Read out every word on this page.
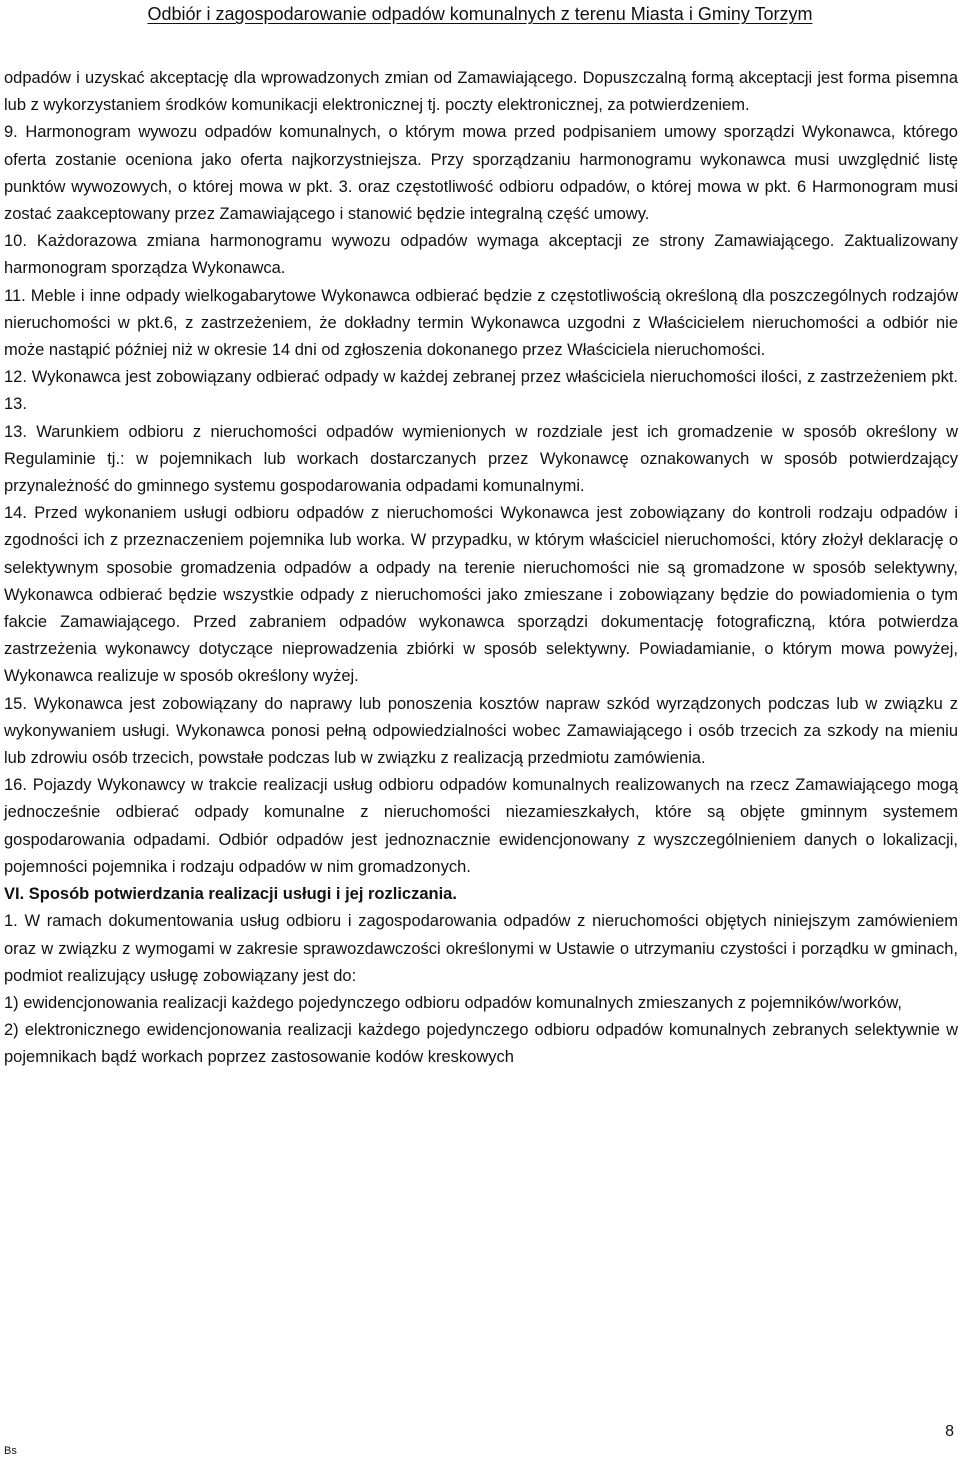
Odbiór i zagospodarowanie odpadów komunalnych z terenu Miasta i Gminy Torzym

odpadów i uzyskać akceptację dla wprowadzonych zmian od Zamawiającego. Dopuszczalną formą akceptacji jest forma pisemna lub z wykorzystaniem środków komunikacji elektronicznej tj. poczty elektronicznej, za potwierdzeniem.

9. Harmonogram wywozu odpadów komunalnych, o którym mowa przed podpisaniem umowy sporządzi Wykonawca, którego oferta zostanie oceniona jako oferta najkorzystniejsza. Przy sporządzaniu harmonogramu wykonawca musi uwzględnić listę punktów wywozowych, o której mowa w pkt. 3. oraz częstotliwość odbioru odpadów, o której mowa w pkt. 6 Harmonogram musi zostać zaakceptowany przez Zamawiającego i stanowić będzie integralną część umowy.

10. Każdorazowa zmiana harmonogramu wywozu odpadów wymaga akceptacji ze strony Zamawiającego. Zaktualizowany harmonogram sporządza Wykonawca.

11. Meble i inne odpady wielkogabarytowe Wykonawca odbierać będzie z częstotliwością określoną dla poszczególnych rodzajów nieruchomości w pkt.6, z zastrzeżeniem, że dokładny termin Wykonawca uzgodni z Właścicielem nieruchomości a odbiór nie może nastąpić później niż w okresie 14 dni od zgłoszenia dokonanego przez Właściciela nieruchomości.

12. Wykonawca jest zobowiązany odbierać odpady w każdej zebranej przez właściciela nieruchomości ilości, z zastrzeżeniem pkt. 13.

13. Warunkiem odbioru z nieruchomości odpadów wymienionych w rozdziale jest ich gromadzenie w sposób określony w Regulaminie tj.: w pojemnikach lub workach dostarczanych przez Wykonawcę oznakowanych w sposób potwierdzający przynależność do gminnego systemu gospodarowania odpadami komunalnymi.

14. Przed wykonaniem usługi odbioru odpadów z nieruchomości Wykonawca jest zobowiązany do kontroli rodzaju odpadów i zgodności ich z przeznaczeniem pojemnika lub worka. W przypadku, w którym właściciel nieruchomości, który złożył deklarację o selektywnym sposobie gromadzenia odpadów a odpady na terenie nieruchomości nie są gromadzone w sposób selektywny, Wykonawca odbierać będzie wszystkie odpady z nieruchomości jako zmieszane i zobowiązany będzie do powiadomienia o tym fakcie Zamawiającego. Przed zabraniem odpadów wykonawca sporządzi dokumentację fotograficzną, która potwierdza zastrzeżenia wykonawcy dotyczące nieprowadzenia zbiórki w sposób selektywny. Powiadamianie, o którym mowa powyżej, Wykonawca realizuje w sposób określony wyżej.

15. Wykonawca jest zobowiązany do naprawy lub ponoszenia kosztów napraw szkód wyrządzonych podczas lub w związku z wykonywaniem usługi. Wykonawca ponosi pełną odpowiedzialności wobec Zamawiającego i osób trzecich za szkody na mieniu lub zdrowiu osób trzecich, powstałe podczas lub w związku z realizacją przedmiotu zamówienia.

16. Pojazdy Wykonawcy w trakcie realizacji usług odbioru odpadów komunalnych realizowanych na rzecz Zamawiającego mogą jednocześnie odbierać odpady komunalne z nieruchomości niezamieszkałych, które są objęte gminnym systemem gospodarowania odpadami. Odbiór odpadów jest jednoznacznie ewidencjonowany z wyszczególnieniem danych o lokalizacji, pojemności pojemnika i rodzaju odpadów w nim gromadzonych.

VI. Sposób potwierdzania realizacji usługi i jej rozliczania.

1. W ramach dokumentowania usług odbioru i zagospodarowania odpadów z nieruchomości objętych niniejszym zamówieniem oraz w związku z wymogami w zakresie sprawozdawczości określonymi w Ustawie o utrzymaniu czystości i porządku w gminach, podmiot realizujący usługę zobowiązany jest do:

1) ewidencjonowania realizacji każdego pojedynczego odbioru odpadów komunalnych zmieszanych z pojemników/worków,

2) elektronicznego ewidencjonowania realizacji każdego pojedynczego odbioru odpadów komunalnych zebranych selektywnie w pojemnikach bądź workach poprzez zastosowanie kodów kreskowych

Bs
8
